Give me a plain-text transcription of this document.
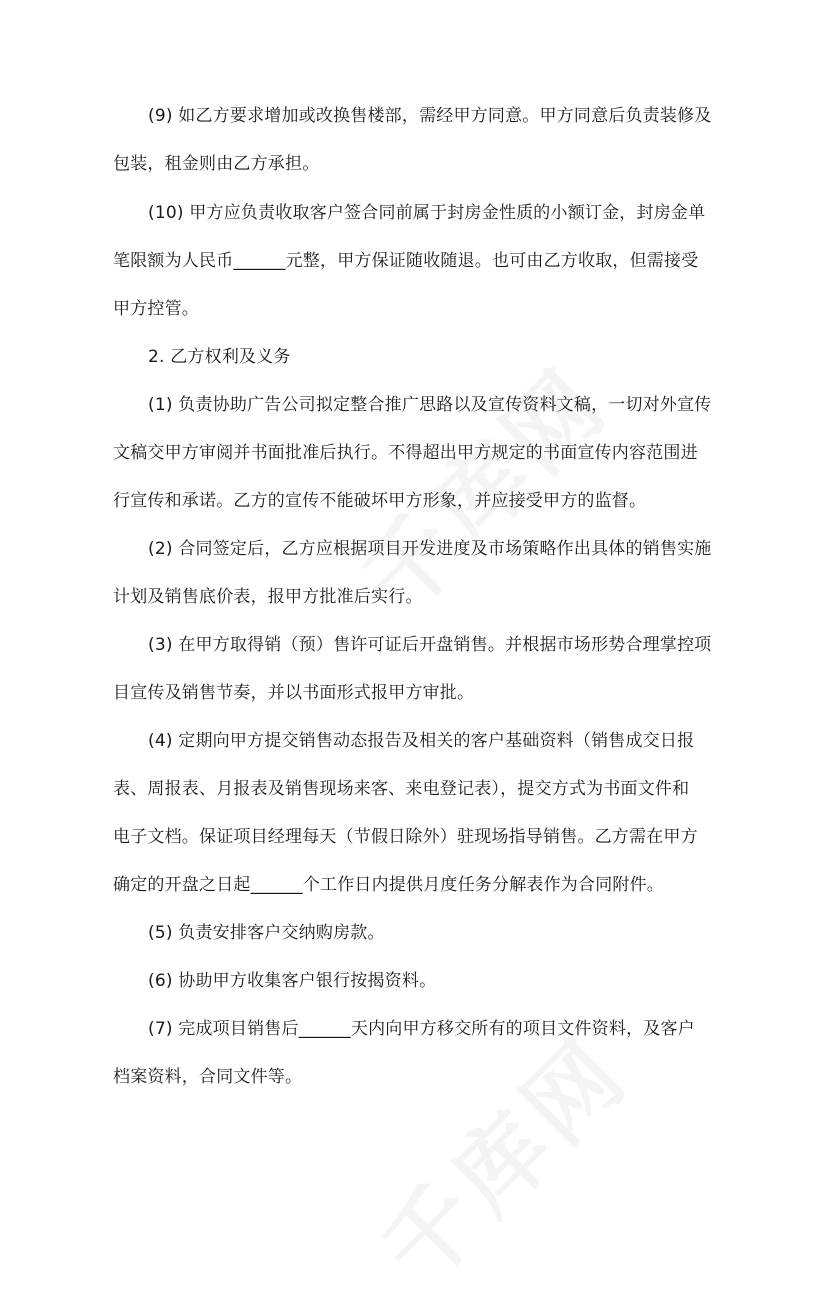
(9) 如乙方要求增加或改换售楼部，需经甲方同意。甲方同意后负责装修及
包装，租金则由乙方承担。
(10) 甲方应负责收取客户签合同前属于封房金性质的小额订金，封房金单
笔限额为人民币______元整，甲方保证随收随退。也可由乙方收取，但需接受
甲方控管。
2. 乙方权利及义务
(1) 负责协助广告公司拟定整合推广思路以及宣传资料文稿，一切对外宣传
文稿交甲方审阅并书面批准后执行。不得超出甲方规定的书面宣传内容范围进
行宣传和承诺。乙方的宣传不能破坏甲方形象，并应接受甲方的监督。
(2) 合同签定后，乙方应根据项目开发进度及市场策略作出具体的销售实施
计划及销售底价表，报甲方批准后实行。
(3) 在甲方取得销（预）售许可证后开盘销售。并根据市场形势合理掌控项
目宣传及销售节奏，并以书面形式报甲方审批。
(4) 定期向甲方提交销售动态报告及相关的客户基础资料（销售成交日报
表、周报表、月报表及销售现场来客、来电登记表），提交方式为书面文件和
电子文档。保证项目经理每天（节假日除外）驻现场指导销售。乙方需在甲方
确定的开盘之日起______个工作日内提供月度任务分解表作为合同附件。
(5) 负责安排客户交纳购房款。
(6) 协助甲方收集客户银行按揭资料。
(7) 完成项目销售后______天内向甲方移交所有的项目文件资料，及客户
档案资料，合同文件等。
